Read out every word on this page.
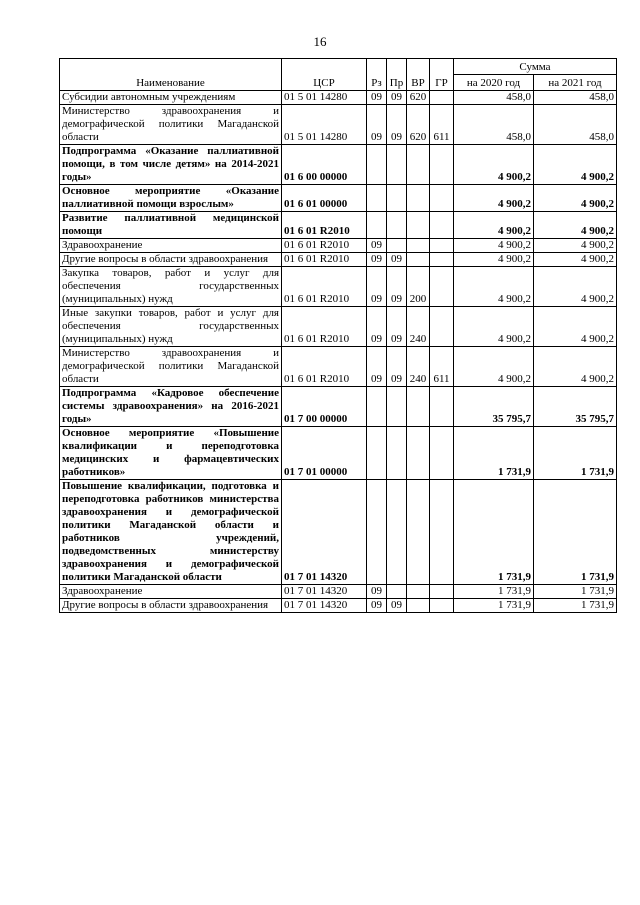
16
Наименование	ЦСР	Рз	Пр	ВР	ГР	Сумма	
						на 2020 год	на 2021 год
Субсидии автономным учреждениям	01 5 01 14280	09	09	620		458,0	458,0
Министерство здравоохранения и демографической политики Магаданской области	01 5 01 14280	09	09	620	611	458,0	458,0
Подпрограмма «Оказание паллиативной помощи, в том числе детям» на 2014-2021 годы»	01 6 00 00000					4 900,2	4 900,2
Основное мероприятие «Оказание паллиативной помощи взрослым»	01 6 01 00000					4 900,2	4 900,2
Развитие паллиативной медицинской помощи	01 6 01 R2010					4 900,2	4 900,2
Здравоохранение	01 6 01 R2010	09				4 900,2	4 900,2
Другие вопросы в области здравоохранения	01 6 01 R2010	09	09			4 900,2	4 900,2
Закупка товаров, работ и услуг для обеспечения государственных (муниципальных) нужд	01 6 01 R2010	09	09	200		4 900,2	4 900,2
Иные закупки товаров, работ и услуг для обеспечения государственных (муниципальных) нужд	01 6 01 R2010	09	09	240		4 900,2	4 900,2
Министерство здравоохранения и демографической политики Магаданской области	01 6 01 R2010	09	09	240	611	4 900,2	4 900,2
Подпрограмма «Кадровое обеспечение системы здравоохранения» на 2016-2021 годы»	01 7 00 00000					35 795,7	35 795,7
Основное мероприятие «Повышение квалификации и переподготовка медицинских и фармацевтических работников»	01 7 01 00000					1 731,9	1 731,9
Повышение квалификации, подготовка и переподготовка работников министерства здравоохранения и демографической политики Магаданской области и работников учреждений, подведомственных министерству здравоохранения и демографической политики Магаданской области	01 7 01 14320					1 731,9	1 731,9
Здравоохранение	01 7 01 14320	09				1 731,9	1 731,9
Другие вопросы в области здравоохранения	01 7 01 14320	09	09			1 731,9	1 731,9
